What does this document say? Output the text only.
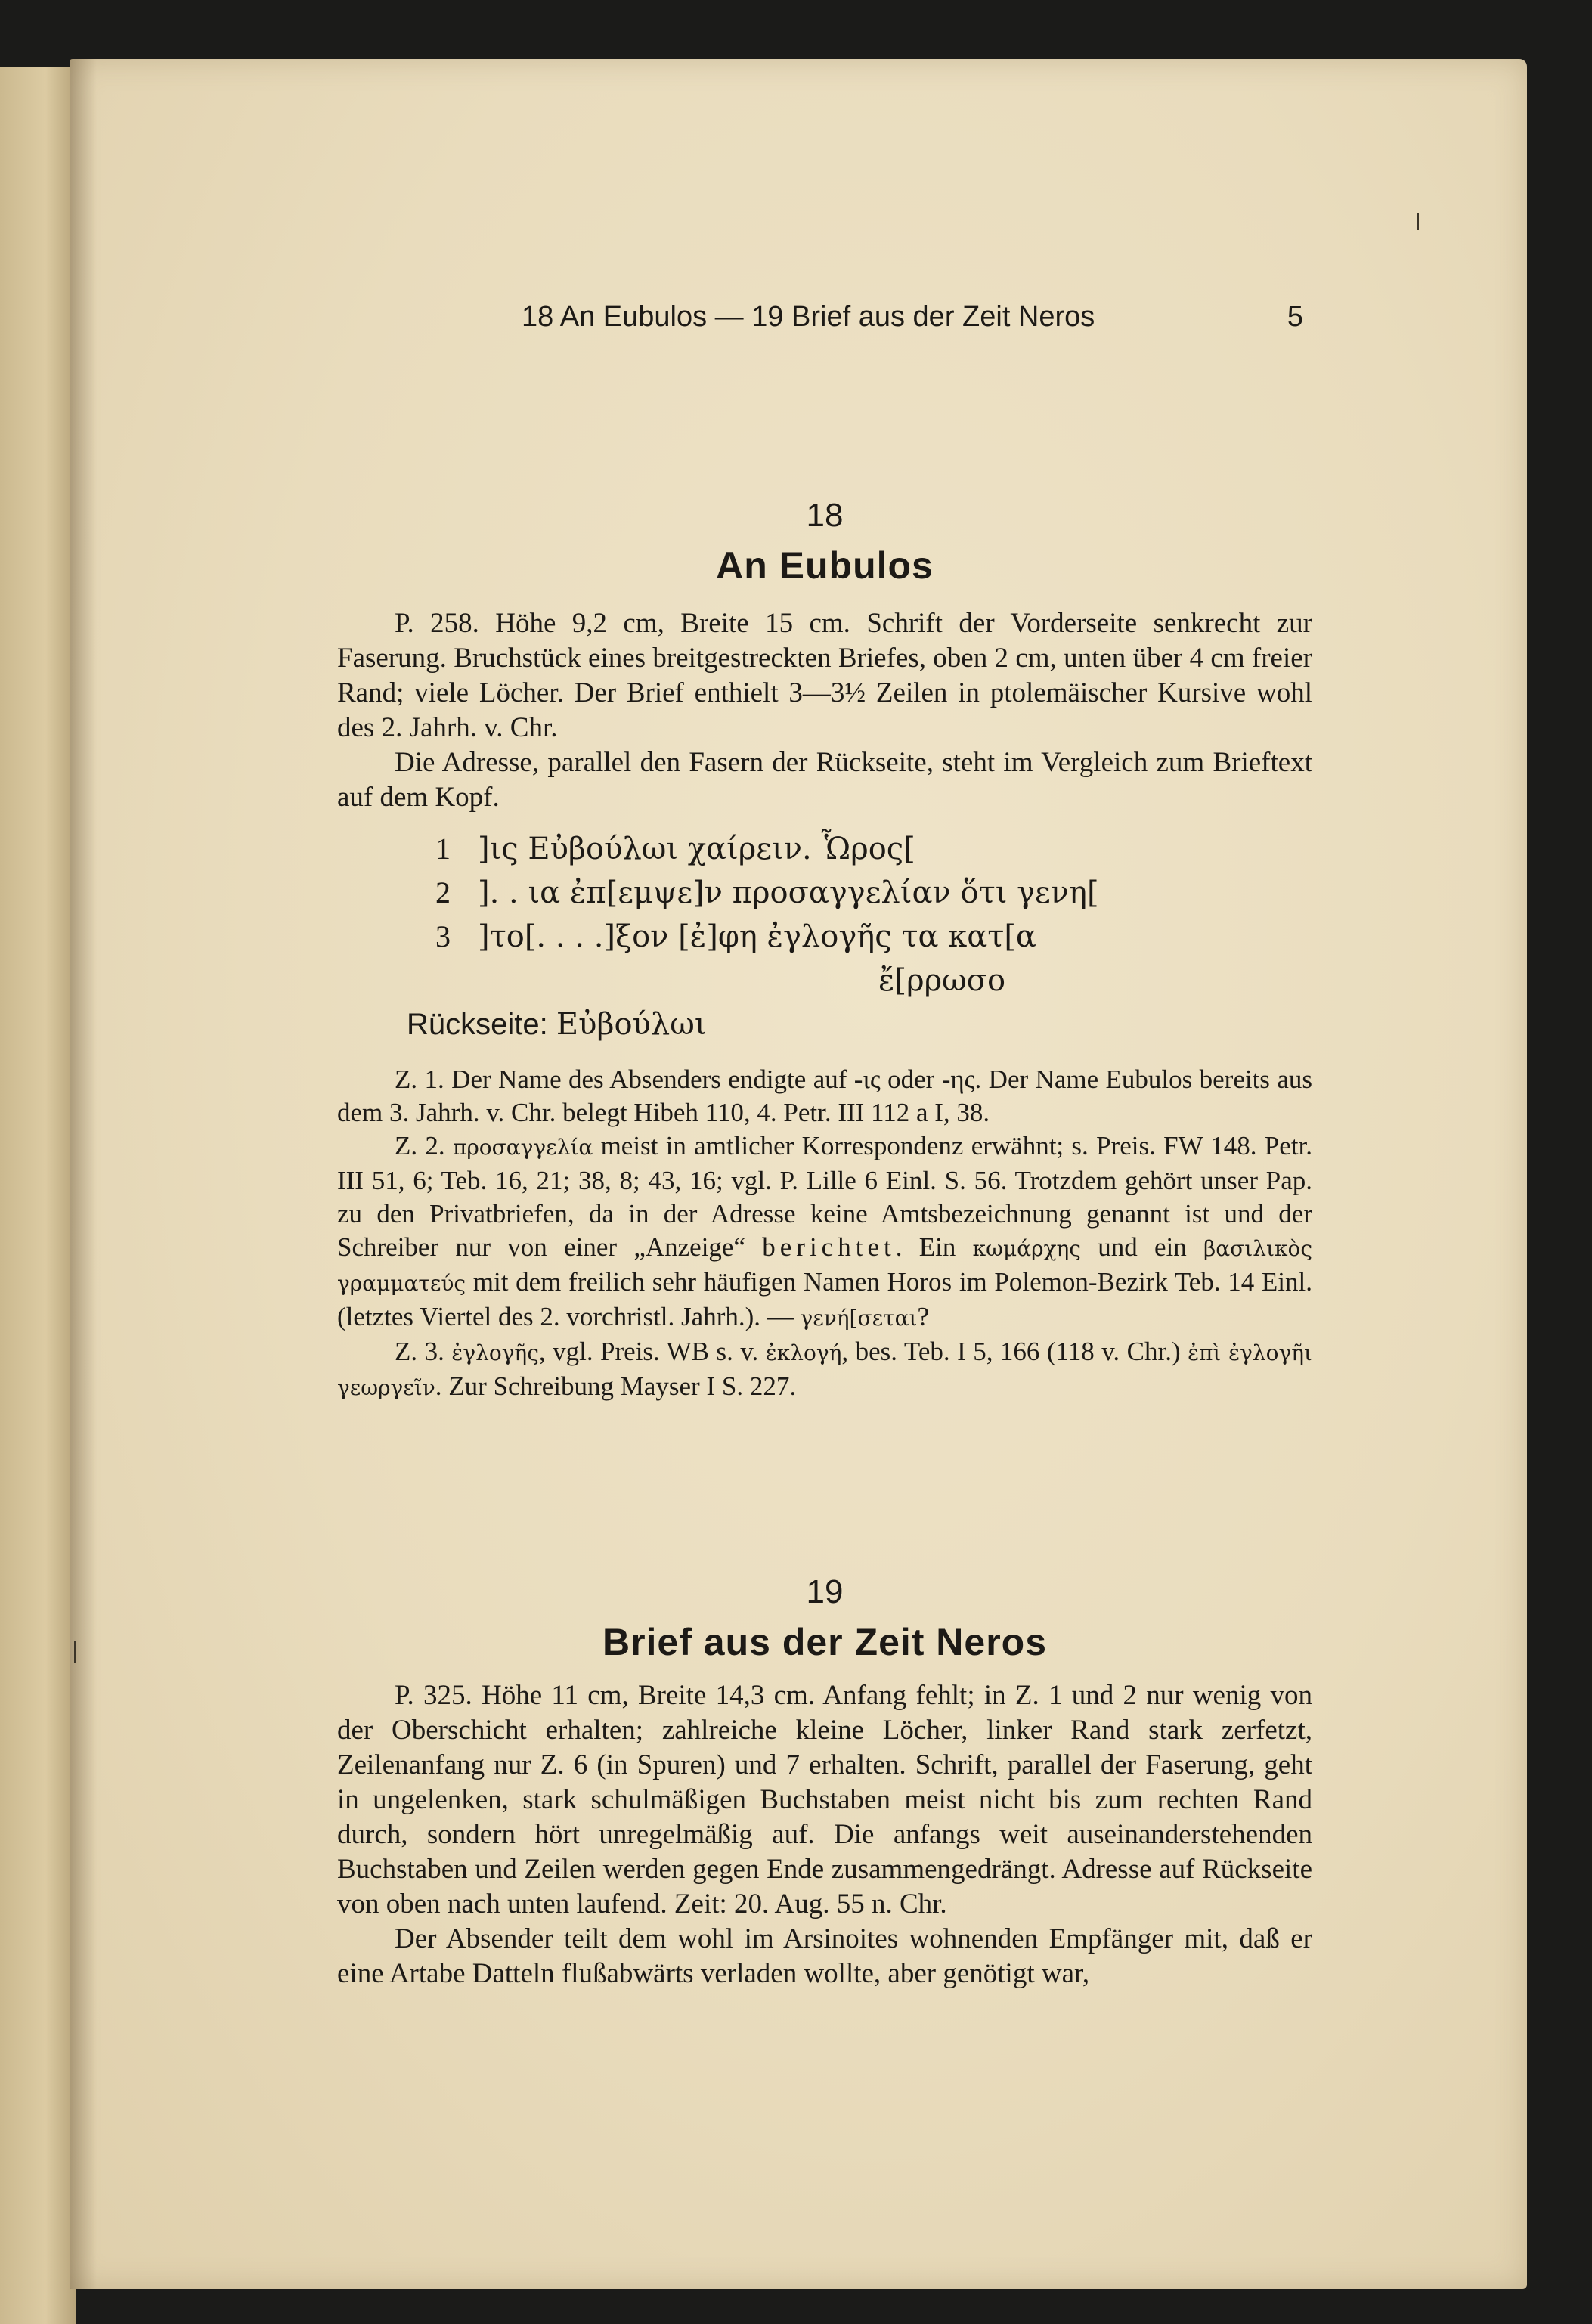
18 An Eubulos — 19 Brief aus der Zeit Neros	5
18
An Eubulos

P. 258. Höhe 9,2 cm, Breite 15 cm. Schrift der Vorderseite senkrecht zur Faserung. Bruchstück eines breitgestreckten Briefes, oben 2 cm, unten über 4 cm freier Rand; viele Löcher. Der Brief enthielt 3—3½ Zeilen in ptolemäischer Kursive wohl des 2. Jahrh. v. Chr.

Die Adresse, parallel den Fasern der Rückseite, steht im Vergleich zum Brieftext auf dem Kopf.

1 ]ις Εὐβούλωι χαίρειν. Ὧρος[
2 ]. . ια ἐπ[εμψε]ν προσαγγελίαν ὅτι γενη[
3 ]το[. . . .]ξον [ἐ]φη ἐγλογῆς τα κατ[α
ἔ[ρρωσο
Rückseite: Εὐβούλωι

Z. 1. Der Name des Absenders endigte auf -ις oder -ης. Der Name Eubulos bereits aus dem 3. Jahrh. v. Chr. belegt Hibeh 110, 4. Petr. III 112 a I, 38.

Z. 2. προσαγγελία meist in amtlicher Korrespondenz erwähnt; s. Preis. FW 148. Petr. III 51, 6; Teb. 16, 21; 38, 8; 43, 16; vgl. P. Lille 6 Einl. S. 56. Trotzdem gehört unser Pap. zu den Privatbriefen, da in der Adresse keine Amtsbezeichnung genannt ist und der Schreiber nur von einer „Anzeige“ berichtet. Ein κωμάρχης und ein βασιλικὸς γραμματεύς mit dem freilich sehr häufigen Namen Horos im Polemon-Bezirk Teb. 14 Einl. (letztes Viertel des 2. vorchristl. Jahrh.). — γενή[σεται?

Z. 3. ἐγλογῆς, vgl. Preis. WB s. v. ἐκλογή, bes. Teb. I 5, 166 (118 v. Chr.) ἐπὶ ἐγλογῆι γεωργεῖν. Zur Schreibung Mayser I S. 227.

19
Brief aus der Zeit Neros

P. 325. Höhe 11 cm, Breite 14,3 cm. Anfang fehlt; in Z. 1 und 2 nur wenig von der Oberschicht erhalten; zahlreiche kleine Löcher, linker Rand stark zerfetzt, Zeilenanfang nur Z. 6 (in Spuren) und 7 erhalten. Schrift, parallel der Faserung, geht in ungelenken, stark schulmäßigen Buchstaben meist nicht bis zum rechten Rand durch, sondern hört unregelmäßig auf. Die anfangs weit auseinanderstehenden Buchstaben und Zeilen werden gegen Ende zusammengedrängt. Adresse auf Rückseite von oben nach unten laufend. Zeit: 20. Aug. 55 n. Chr.

Der Absender teilt dem wohl im Arsinoites wohnenden Empfänger mit, daß er eine Artabe Datteln flußabwärts verladen wollte, aber genötigt war,
